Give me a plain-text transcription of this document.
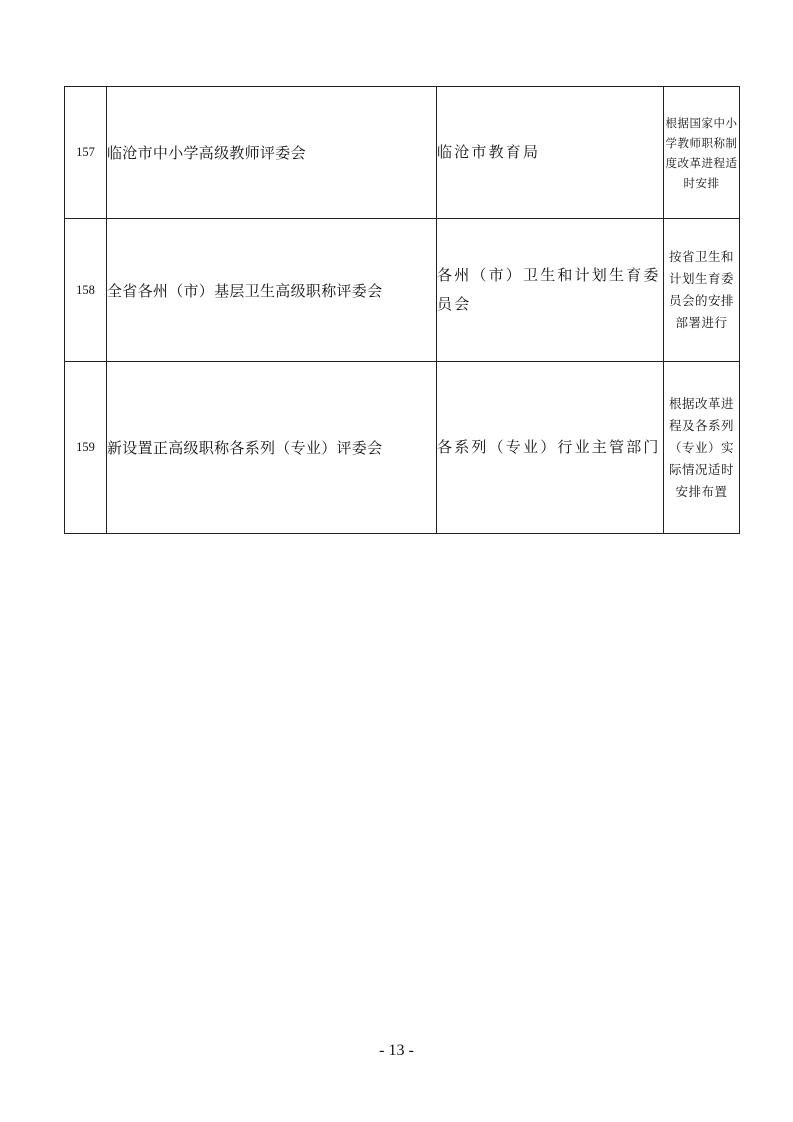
157	临沧市中小学高级教师评委会	临沧市教育局	根据国家中小学教师职称制度改革进程适时安排
158	全省各州（市）基层卫生高级职称评委会	各州（市）卫生和计划生育委员会	按省卫生和计划生育委员会的安排部署进行
159	新设置正高级职称各系列（专业）评委会	各系列（专业）行业主管部门	根据改革进程及各系列（专业）实际情况适时安排布置
- 13 -
